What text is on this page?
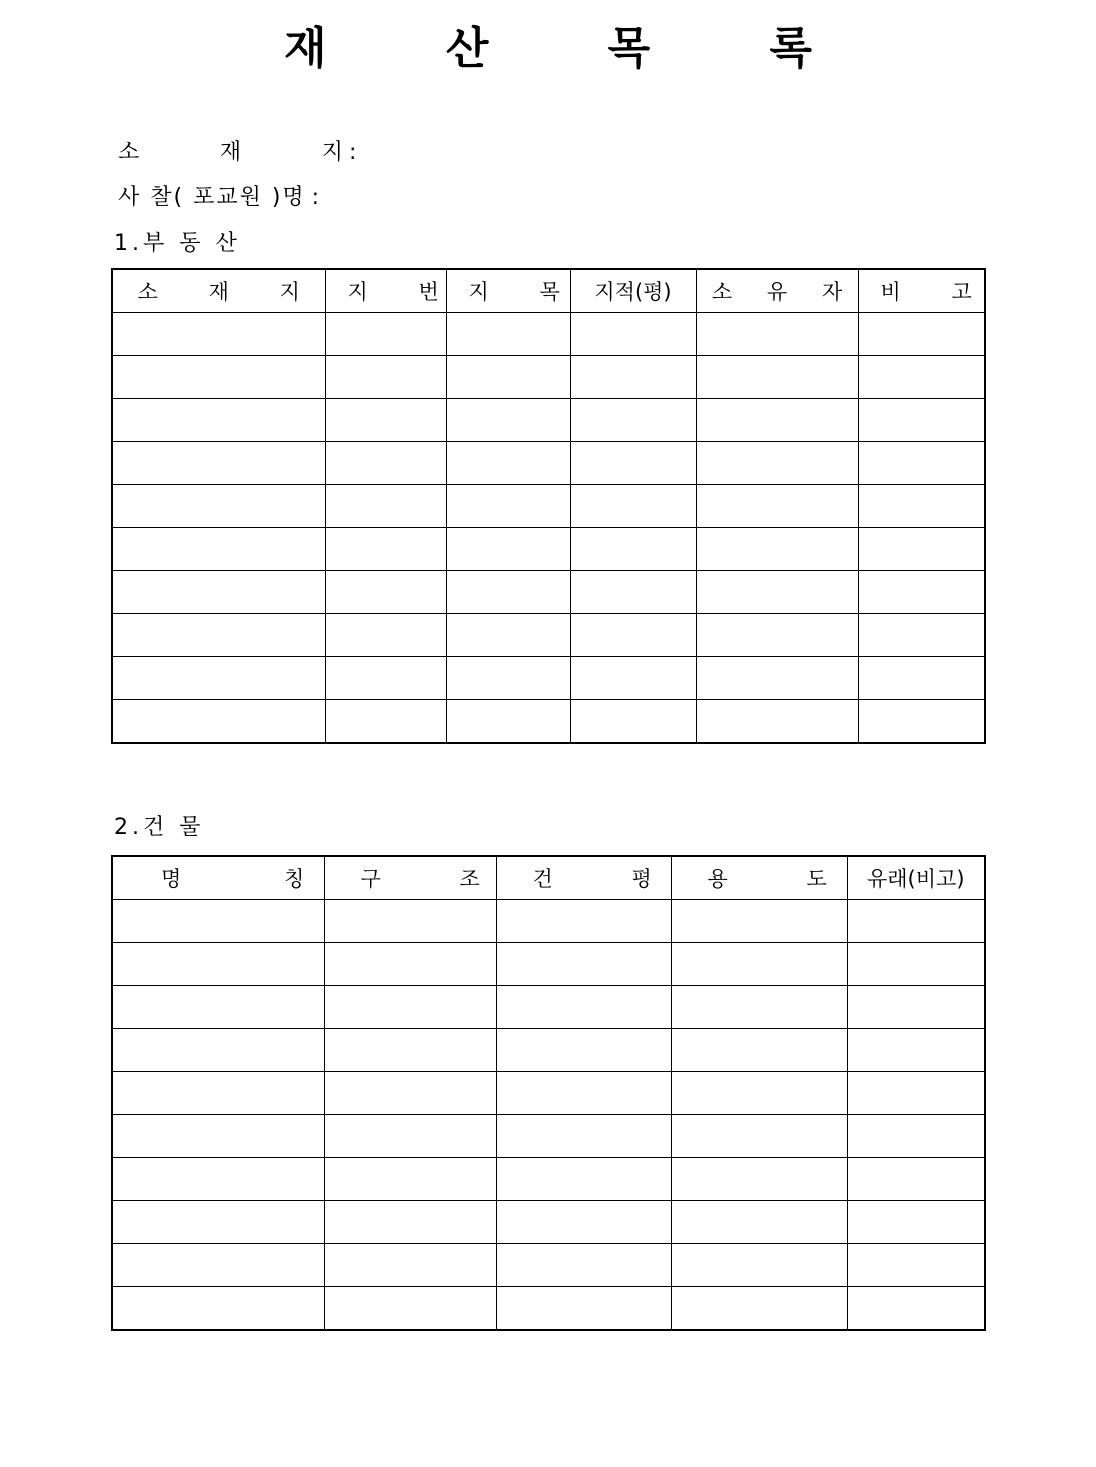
재 산 목 록
소 재 지 :
사 찰( 포교원 )명 :
1.부 동 산
소 재 지	지 번	지 목	지적(평)	소 유 자	비 고

2.건 물
명 칭	구 조	건 평	용 도	유래(비고)
